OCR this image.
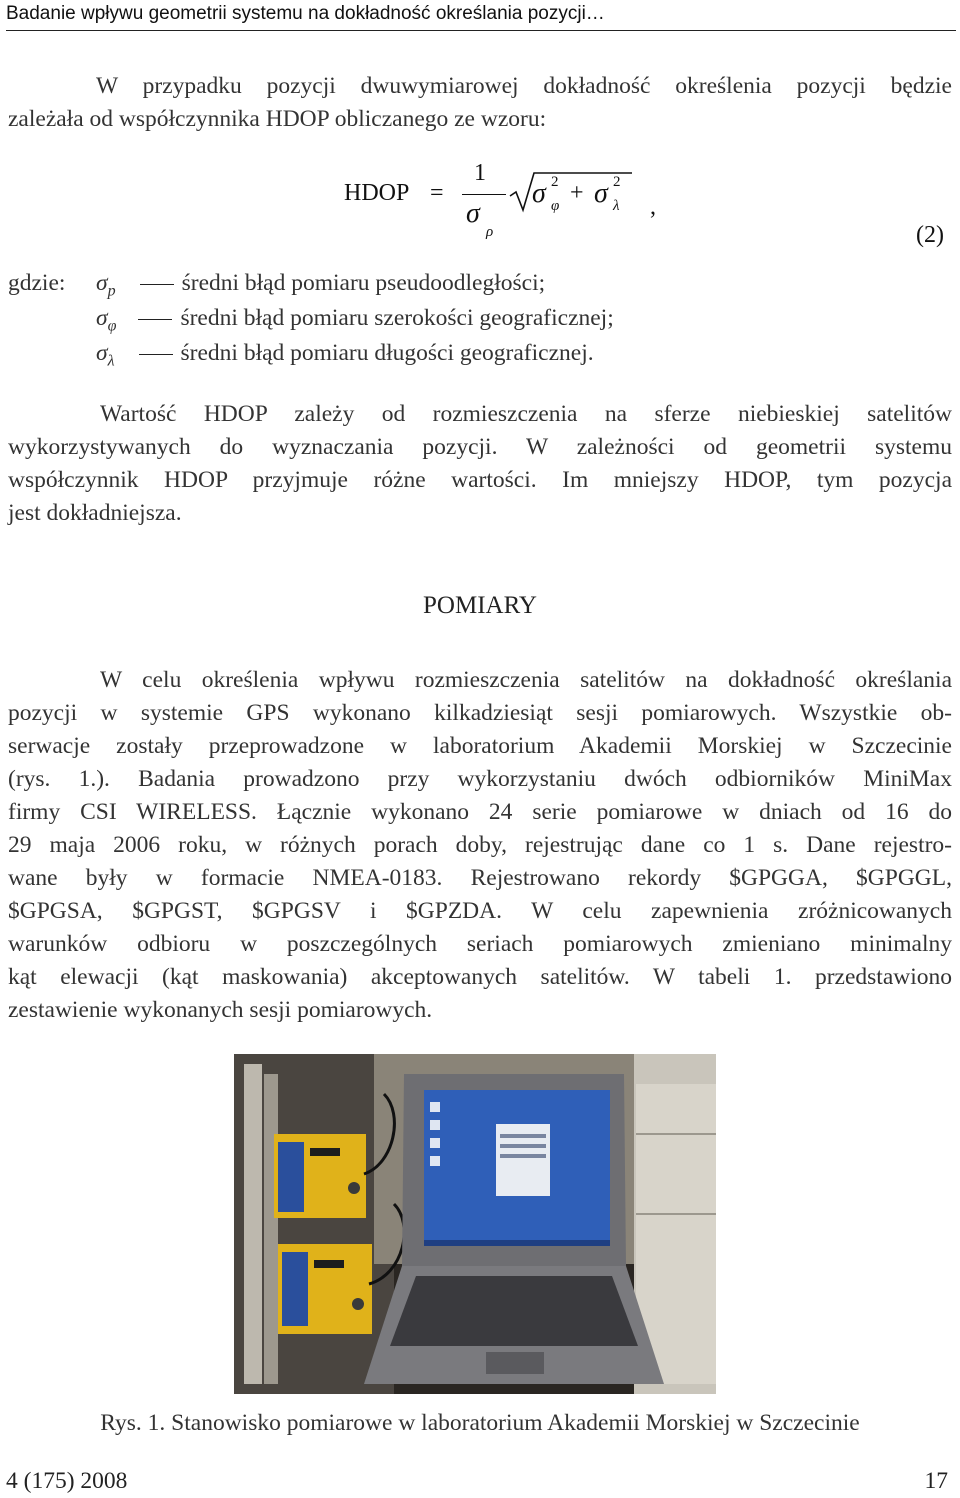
Badanie wpływu geometrii systemu na dokładność określania pozycji…
W przypadku pozycji dwuwymiarowej dokładność określenia pozycji będzie
zależała od współczynnika HDOP obliczanego ze wzoru:
HDOP =
1
σ
ρ
σ 2
φ + σ 2
λ ,
(2)
gdzie: $\sigma_p$	średni błąd pomiaru pseudoodległości;
$\sigma_\varphi$	średni błąd pomiaru szerokości geograficznej;
$\sigma_\lambda$	średni błąd pomiaru długości geograficznej.
Wartość HDOP zależy od rozmieszczenia na sferze niebieskiej satelitów
wykorzystywanych do wyznaczania pozycji. W zależności od geometrii systemu
współczynnik HDOP przyjmuje różne wartości. Im mniejszy HDOP, tym pozycja
jest dokładniejsza.
POMIARY
W celu określenia wpływu rozmieszczenia satelitów na dokładność określania
pozycji w systemie GPS wykonano kilkadziesiąt sesji pomiarowych. Wszystkie ob-
serwacje zostały przeprowadzone w laboratorium Akademii Morskiej w Szczecinie
(rys. 1.). Badania prowadzono przy wykorzystaniu dwóch odbiorników MiniMax
firmy CSI WIRELESS. Łącznie wykonano 24 serie pomiarowe w dniach od 16 do
29 maja 2006 roku, w różnych porach doby, rejestrując dane co 1 s. Dane rejestro-
wane były w formacie NMEA-0183. Rejestrowano rekordy $GPGGA, $GPGGL,
$GPGSA, $GPGST, $GPGSV i $GPZDA. W celu zapewnienia zróżnicowanych
warunków odbioru w poszczególnych seriach pomiarowych zmieniano minimalny
kąt elewacji (kąt maskowania) akceptowanych satelitów. W tabeli 1. przedstawiono
zestawienie wykonanych sesji pomiarowych.
Rys. 1. Stanowisko pomiarowe w laboratorium Akademii Morskiej w Szczecinie
4 (175) 2008	17
